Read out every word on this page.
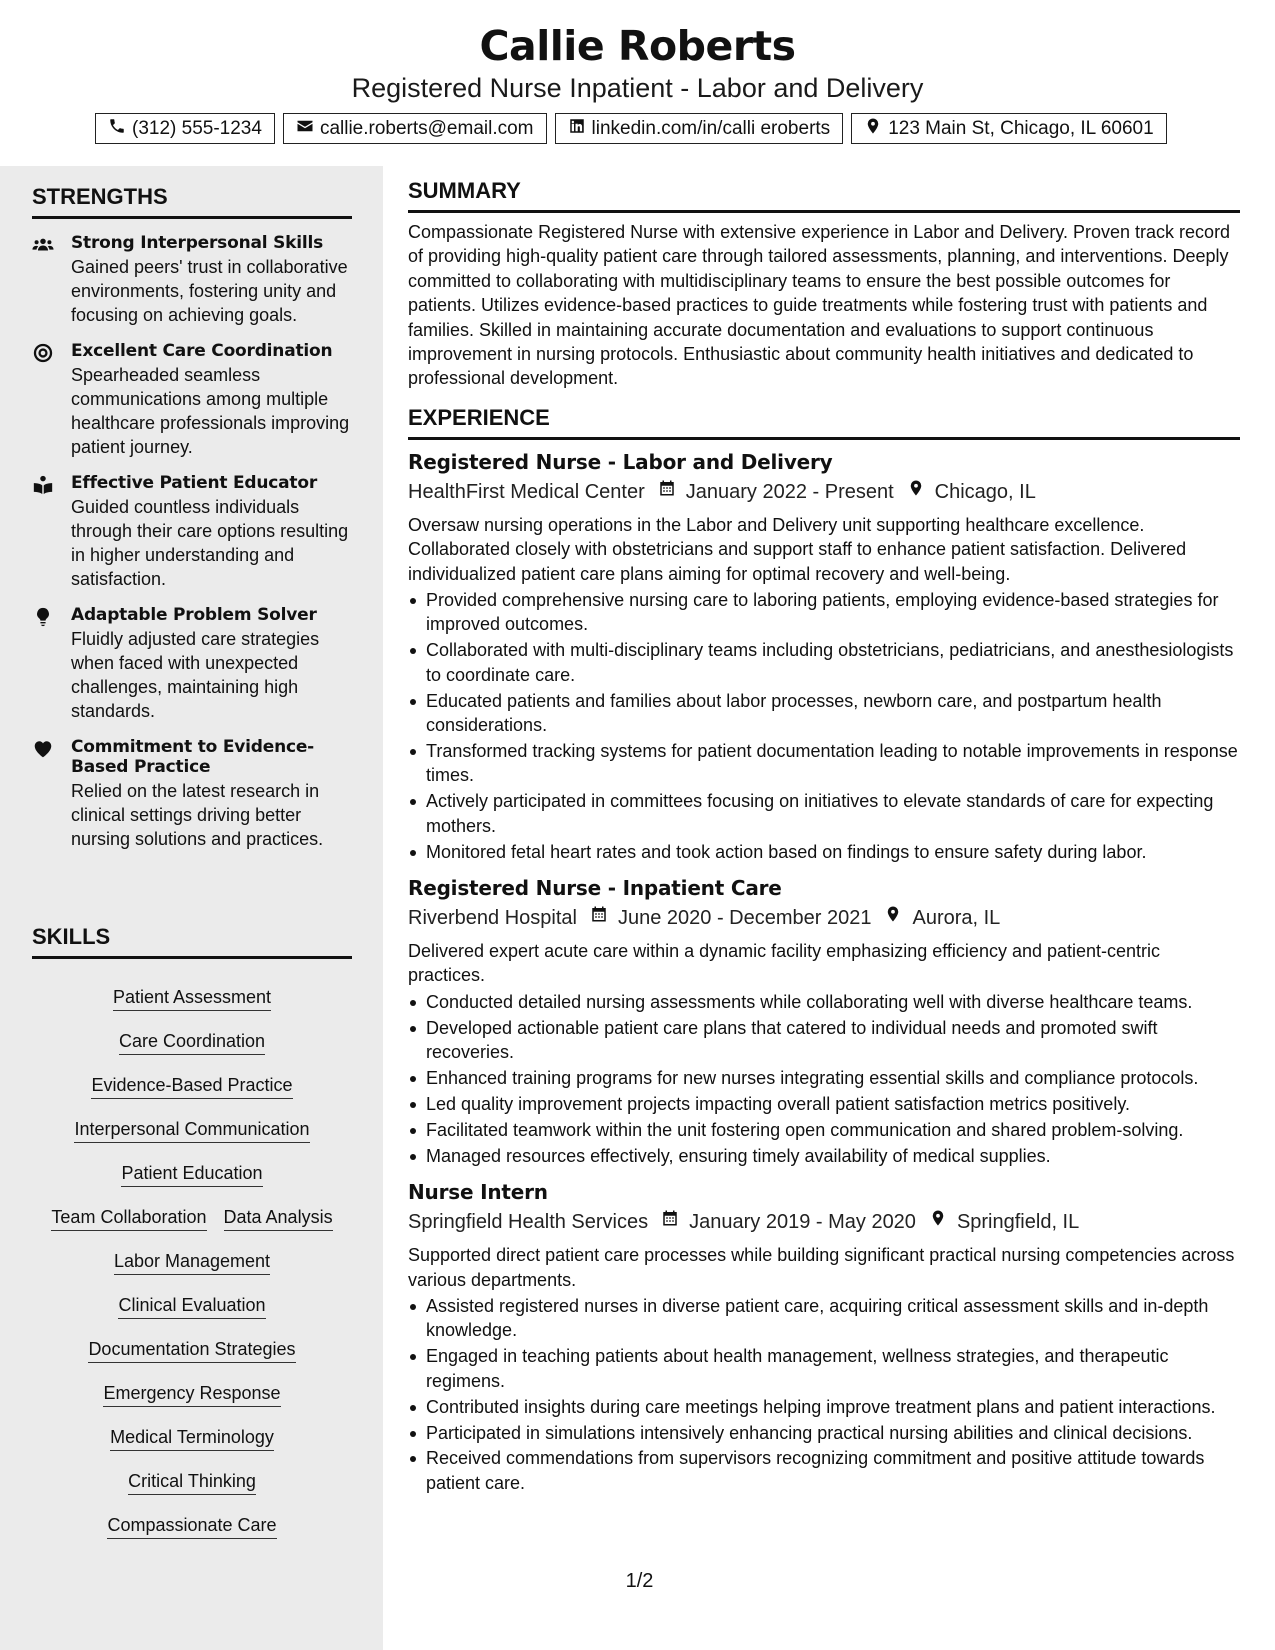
Callie Roberts
Registered Nurse Inpatient - Labor and Delivery
(312) 555-1234	callie.roberts@email.com	linkedin.com/in/calli eroberts	123 Main St, Chicago, IL 60601
STRENGTHS
Strong Interpersonal Skills
Gained peers' trust in collaborative environments, fostering unity and focusing on achieving goals.
Excellent Care Coordination
Spearheaded seamless communications among multiple healthcare professionals improving patient journey.
Effective Patient Educator
Guided countless individuals through their care options resulting in higher understanding and satisfaction.
Adaptable Problem Solver
Fluidly adjusted care strategies when faced with unexpected challenges, maintaining high standards.
Commitment to Evidence-Based Practice
Relied on the latest research in clinical settings driving better nursing solutions and practices.
SKILLS
Patient Assessment
Care Coordination
Evidence-Based Practice
Interpersonal Communication
Patient Education
Team Collaboration Data Analysis
Labor Management
Clinical Evaluation
Documentation Strategies
Emergency Response
Medical Terminology
Critical Thinking
Compassionate Care
SUMMARY
Compassionate Registered Nurse with extensive experience in Labor and Delivery. Proven track record of providing high-quality patient care through tailored assessments, planning, and interventions. Deeply committed to collaborating with multidisciplinary teams to ensure the best possible outcomes for patients. Utilizes evidence-based practices to guide treatments while fostering trust with patients and families. Skilled in maintaining accurate documentation and evaluations to support continuous improvement in nursing protocols. Enthusiastic about community health initiatives and dedicated to professional development.
EXPERIENCE
Registered Nurse - Labor and Delivery
HealthFirst Medical Center January 2022 - Present Chicago, IL
Oversaw nursing operations in the Labor and Delivery unit supporting healthcare excellence. Collaborated closely with obstetricians and support staff to enhance patient satisfaction. Delivered individualized patient care plans aiming for optimal recovery and well-being.
Provided comprehensive nursing care to laboring patients, employing evidence-based strategies for improved outcomes.
Collaborated with multi-disciplinary teams including obstetricians, pediatricians, and anesthesiologists to coordinate care.
Educated patients and families about labor processes, newborn care, and postpartum health considerations.
Transformed tracking systems for patient documentation leading to notable improvements in response times.
Actively participated in committees focusing on initiatives to elevate standards of care for expecting mothers.
Monitored fetal heart rates and took action based on findings to ensure safety during labor.
Registered Nurse - Inpatient Care
Riverbend Hospital June 2020 - December 2021 Aurora, IL
Delivered expert acute care within a dynamic facility emphasizing efficiency and patient-centric practices.
Conducted detailed nursing assessments while collaborating well with diverse healthcare teams.
Developed actionable patient care plans that catered to individual needs and promoted swift recoveries.
Enhanced training programs for new nurses integrating essential skills and compliance protocols.
Led quality improvement projects impacting overall patient satisfaction metrics positively.
Facilitated teamwork within the unit fostering open communication and shared problem-solving.
Managed resources effectively, ensuring timely availability of medical supplies.
Nurse Intern
Springfield Health Services January 2019 - May 2020 Springfield, IL
Supported direct patient care processes while building significant practical nursing competencies across various departments.
Assisted registered nurses in diverse patient care, acquiring critical assessment skills and in-depth knowledge.
Engaged in teaching patients about health management, wellness strategies, and therapeutic regimens.
Contributed insights during care meetings helping improve treatment plans and patient interactions.
Participated in simulations intensively enhancing practical nursing abilities and clinical decisions.
Received commendations from supervisors recognizing commitment and positive attitude towards patient care.
1/2
